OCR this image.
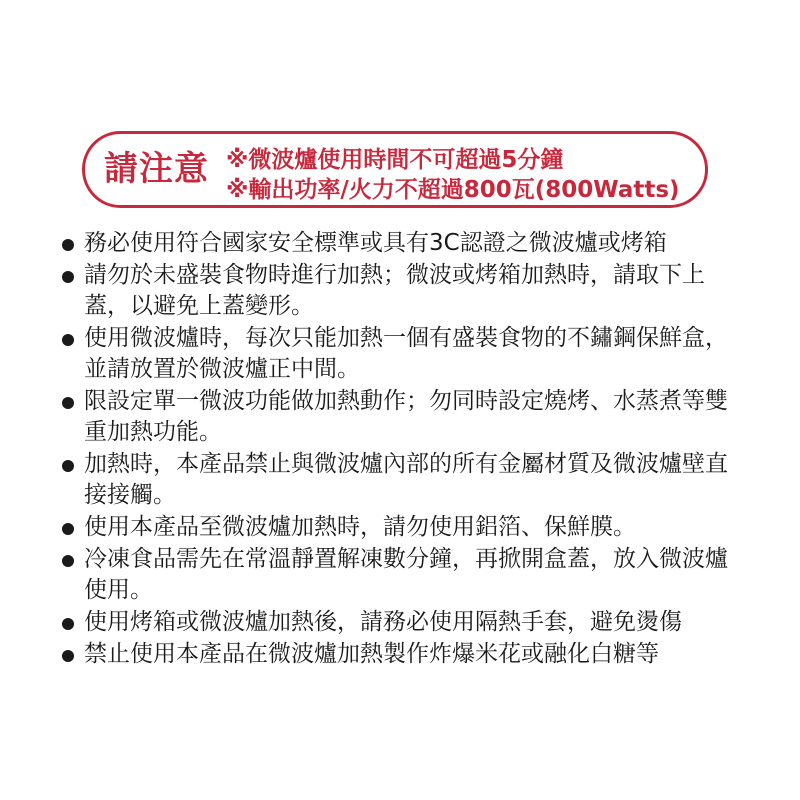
請注意 ※微波爐使用時間不可超過5分鐘
※輸出功率/火力不超過800瓦(800Watts)
務必使用符合國家安全標準或具有3C認證之微波爐或烤箱
請勿於未盛裝食物時進行加熱；微波或烤箱加熱時，請取下上蓋，以避免上蓋變形。
使用微波爐時，每次只能加熱一個有盛裝食物的不鏽鋼保鮮盒，並請放置於微波爐正中間。
限設定單一微波功能做加熱動作；勿同時設定燒烤、水蒸煮等雙重加熱功能。
加熱時，本產品禁止與微波爐內部的所有金屬材質及微波爐壁直接接觸。
使用本產品至微波爐加熱時，請勿使用鋁箔、保鮮膜。
冷凍食品需先在常溫靜置解凍數分鐘，再掀開盒蓋，放入微波爐使用。
使用烤箱或微波爐加熱後，請務必使用隔熱手套，避免燙傷
禁止使用本產品在微波爐加熱製作炸爆米花或融化白糖等
